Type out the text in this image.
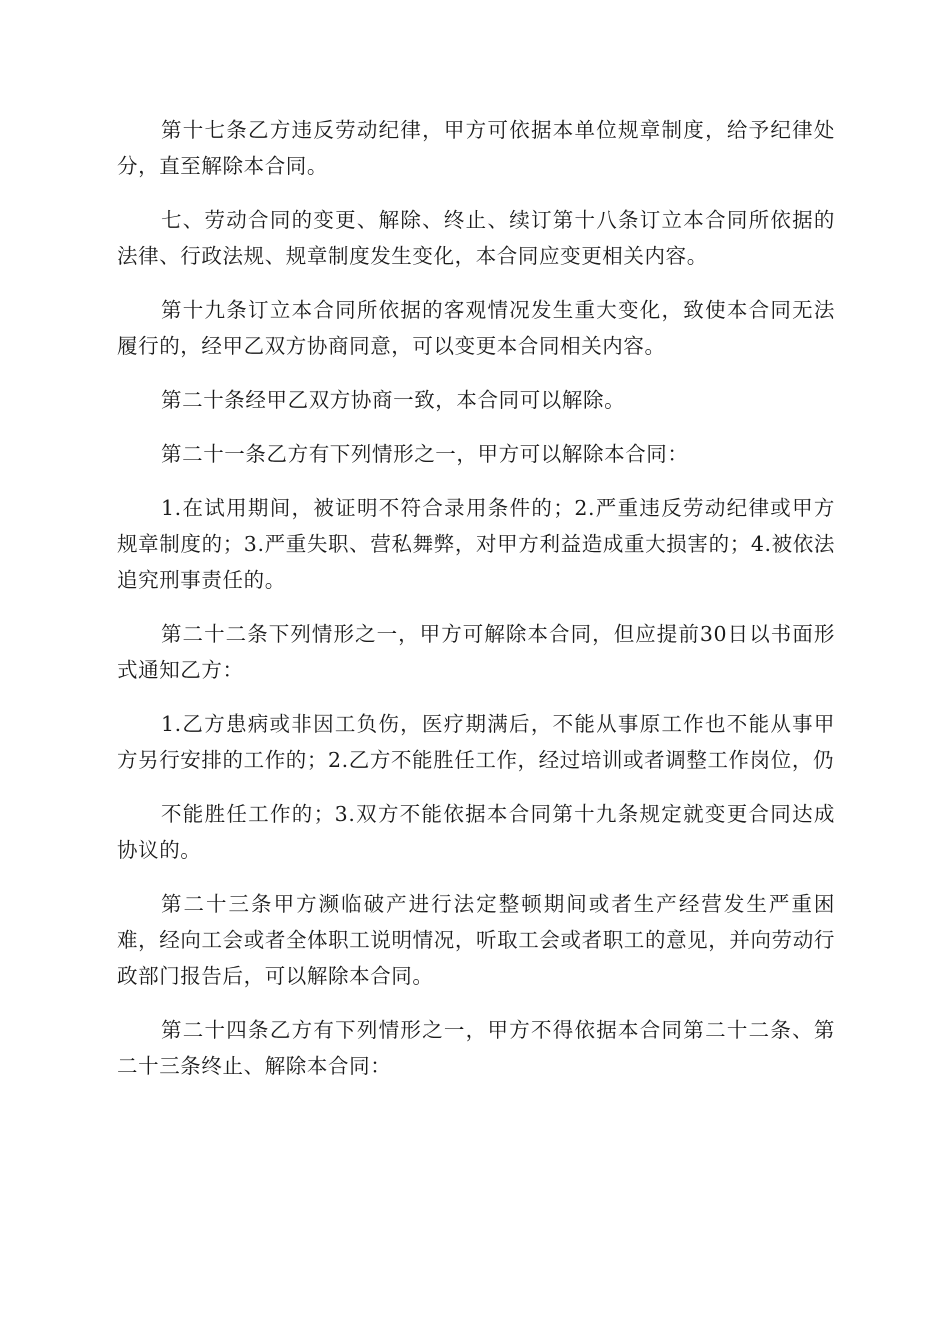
第十七条乙方违反劳动纪律，甲方可依据本单位规章制度，给予纪律处分，直至解除本合同。

七、劳动合同的变更、解除、终止、续订第十八条订立本合同所依据的法律、行政法规、规章制度发生变化，本合同应变更相关内容。

第十九条订立本合同所依据的客观情况发生重大变化，致使本合同无法履行的，经甲乙双方协商同意，可以变更本合同相关内容。

第二十条经甲乙双方协商一致，本合同可以解除。

第二十一条乙方有下列情形之一，甲方可以解除本合同：

1.在试用期间，被证明不符合录用条件的；2.严重违反劳动纪律或甲方规章制度的；3.严重失职、营私舞弊，对甲方利益造成重大损害的；4.被依法追究刑事责任的。

第二十二条下列情形之一，甲方可解除本合同，但应提前30日以书面形式通知乙方：

1.乙方患病或非因工负伤，医疗期满后，不能从事原工作也不能从事甲方另行安排的工作的；2.乙方不能胜任工作，经过培训或者调整工作岗位，仍

不能胜任工作的；3.双方不能依据本合同第十九条规定就变更合同达成协议的。

第二十三条甲方濒临破产进行法定整顿期间或者生产经营发生严重困难，经向工会或者全体职工说明情况，听取工会或者职工的意见，并向劳动行政部门报告后，可以解除本合同。

第二十四条乙方有下列情形之一，甲方不得依据本合同第二十二条、第二十三条终止、解除本合同：
